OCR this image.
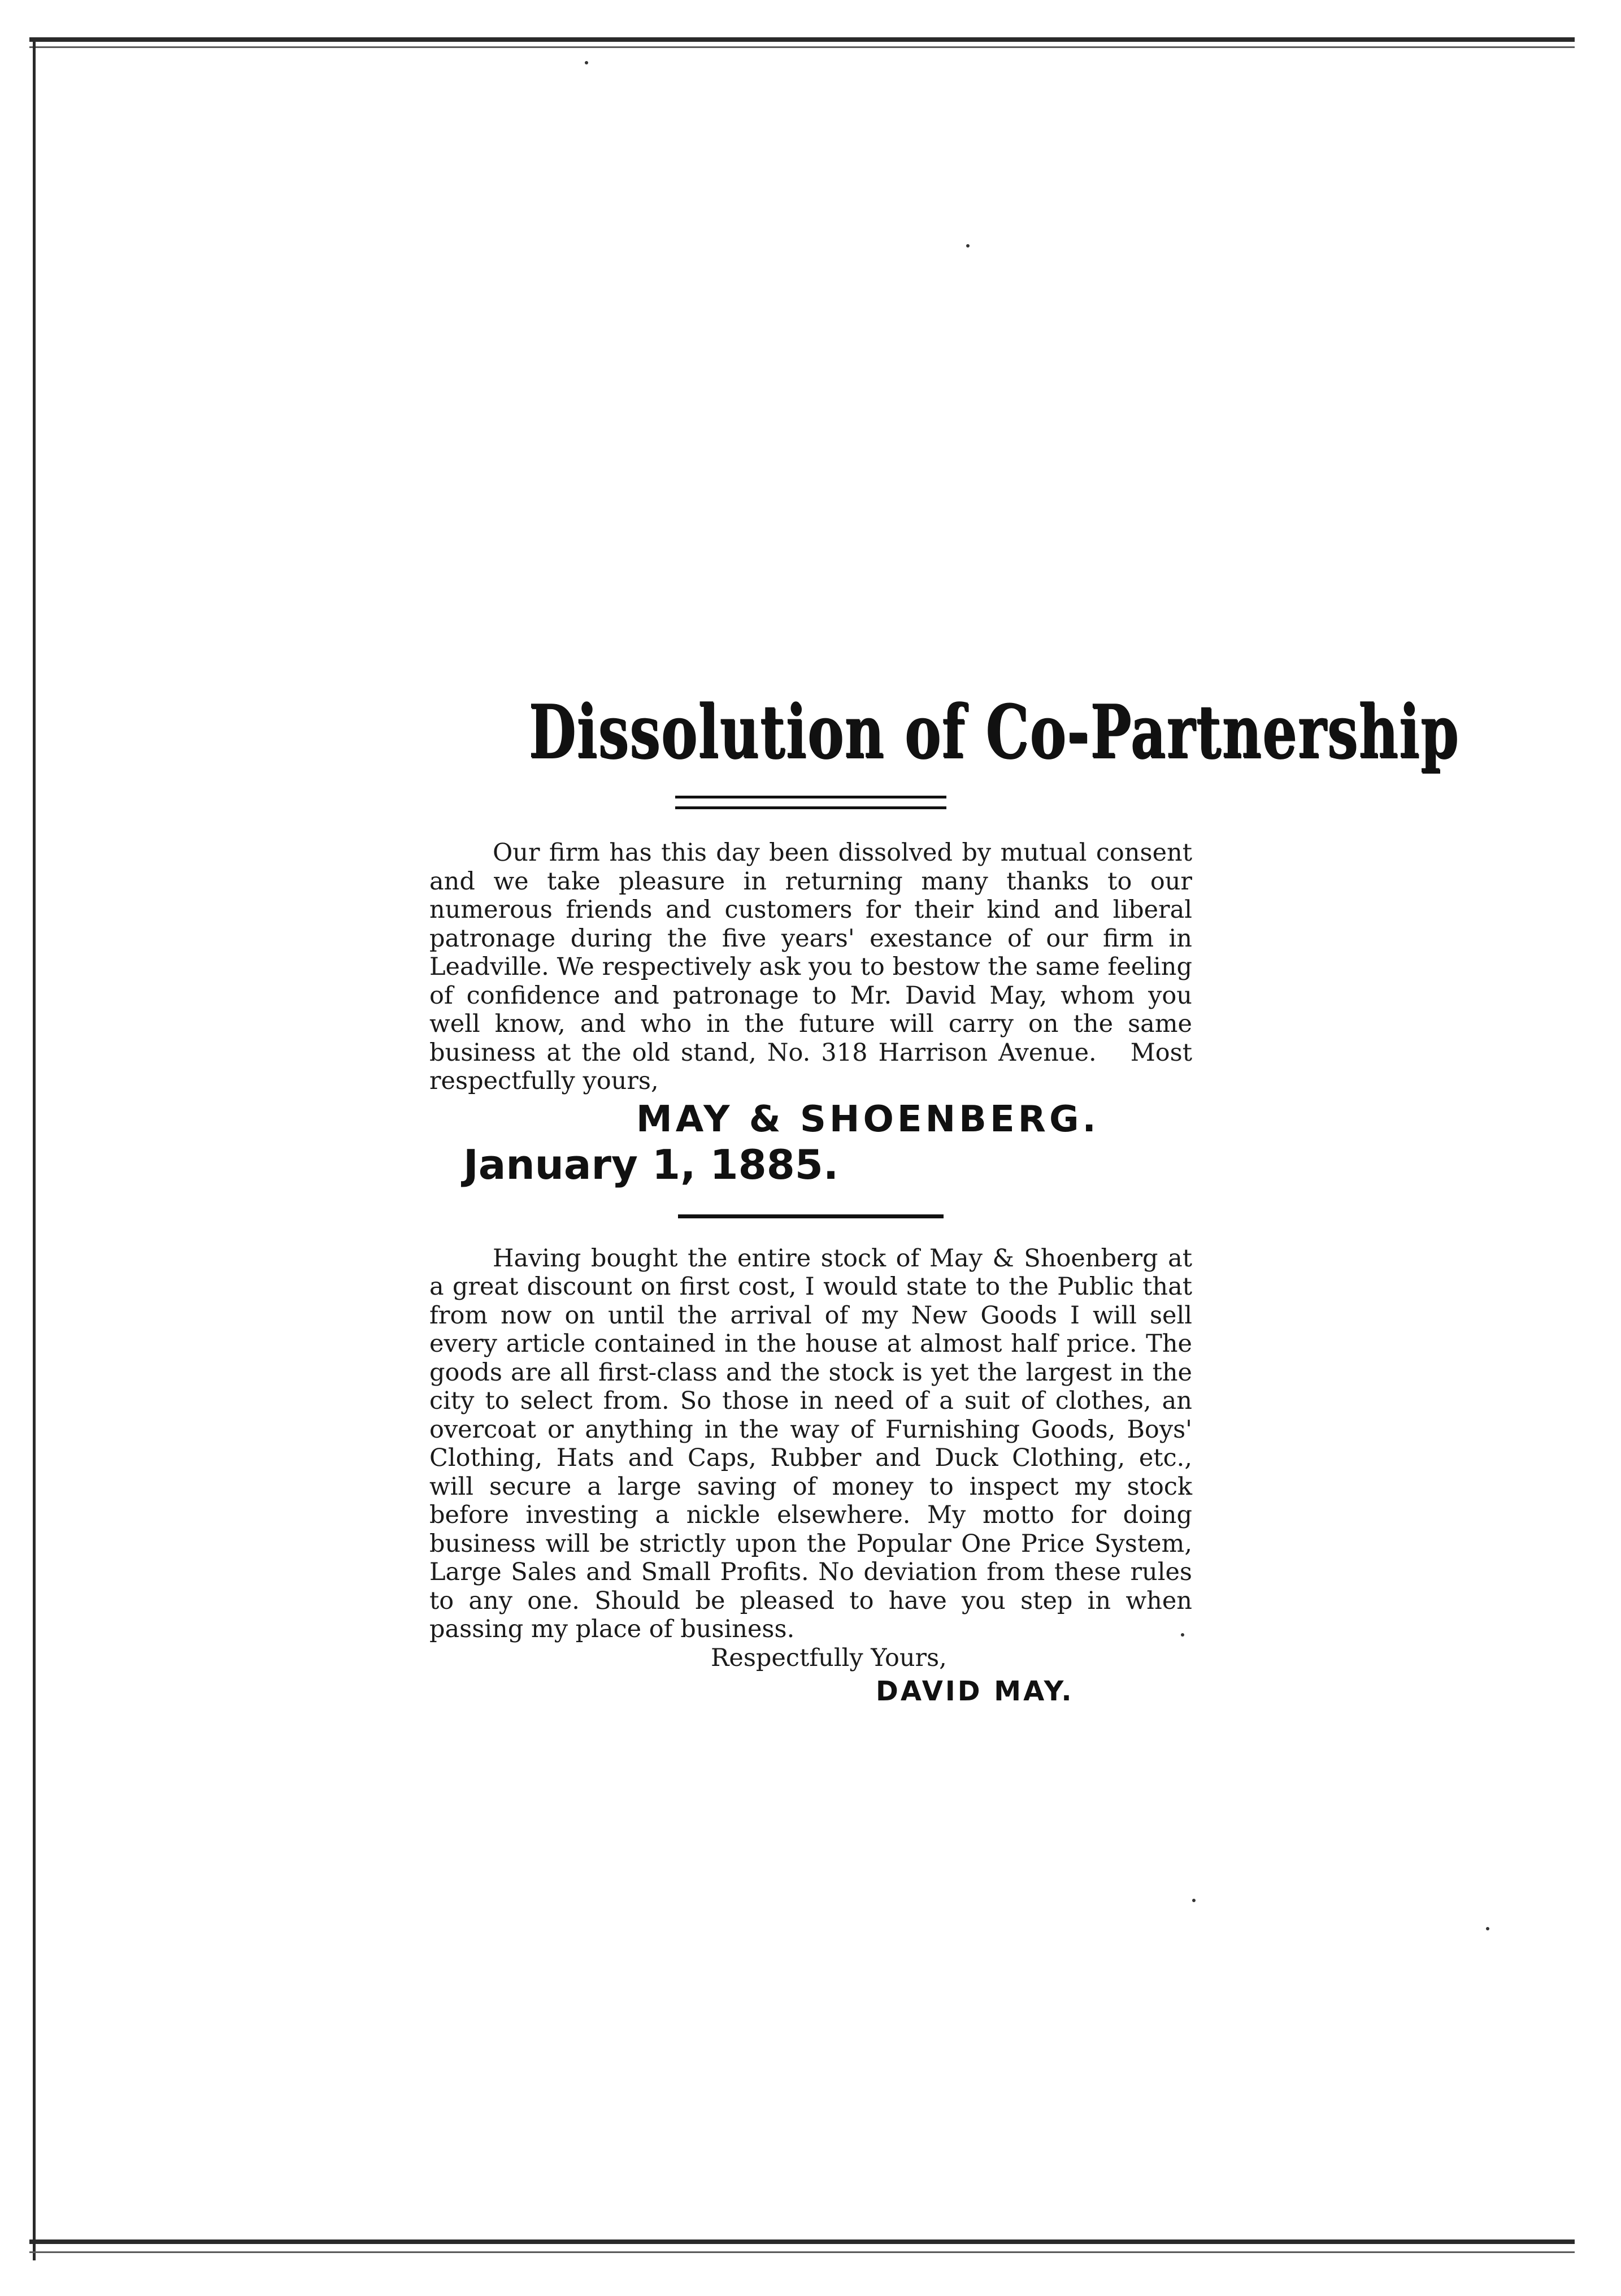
Dissolution of Co-Partnership

Our firm has this day been dissolved by mutual consent and we take pleasure in returning many thanks to our numerous friends and customers for their kind and liberal patronage during the five years' exestance of our firm in Leadville. We respectively ask you to bestow the same feeling of confidence and patronage to Mr. David May, whom you well know, and who in the future will carry on the same business at the old stand, No. 318 Harrison Avenue. Most respectfully yours,

MAY & SHOENBERG.
January 1, 1885.

Having bought the entire stock of May & Shoenberg at a great discount on first cost, I would state to the Public that from now on until the arrival of my New Goods I will sell every article contained in the house at almost half price. The goods are all first-class and the stock is yet the largest in the city to select from. So those in need of a suit of clothes, an overcoat or anything in the way of Furnishing Goods, Boys' Clothing, Hats and Caps, Rubber and Duck Clothing, etc., will secure a large saving of money to inspect my stock before investing a nickle elsewhere. My motto for doing business will be strictly upon the Popular One Price System, Large Sales and Small Profits. No deviation from these rules to any one. Should be pleased to have you step in when passing my place of business.

Respectfully Yours,
DAVID MAY.
